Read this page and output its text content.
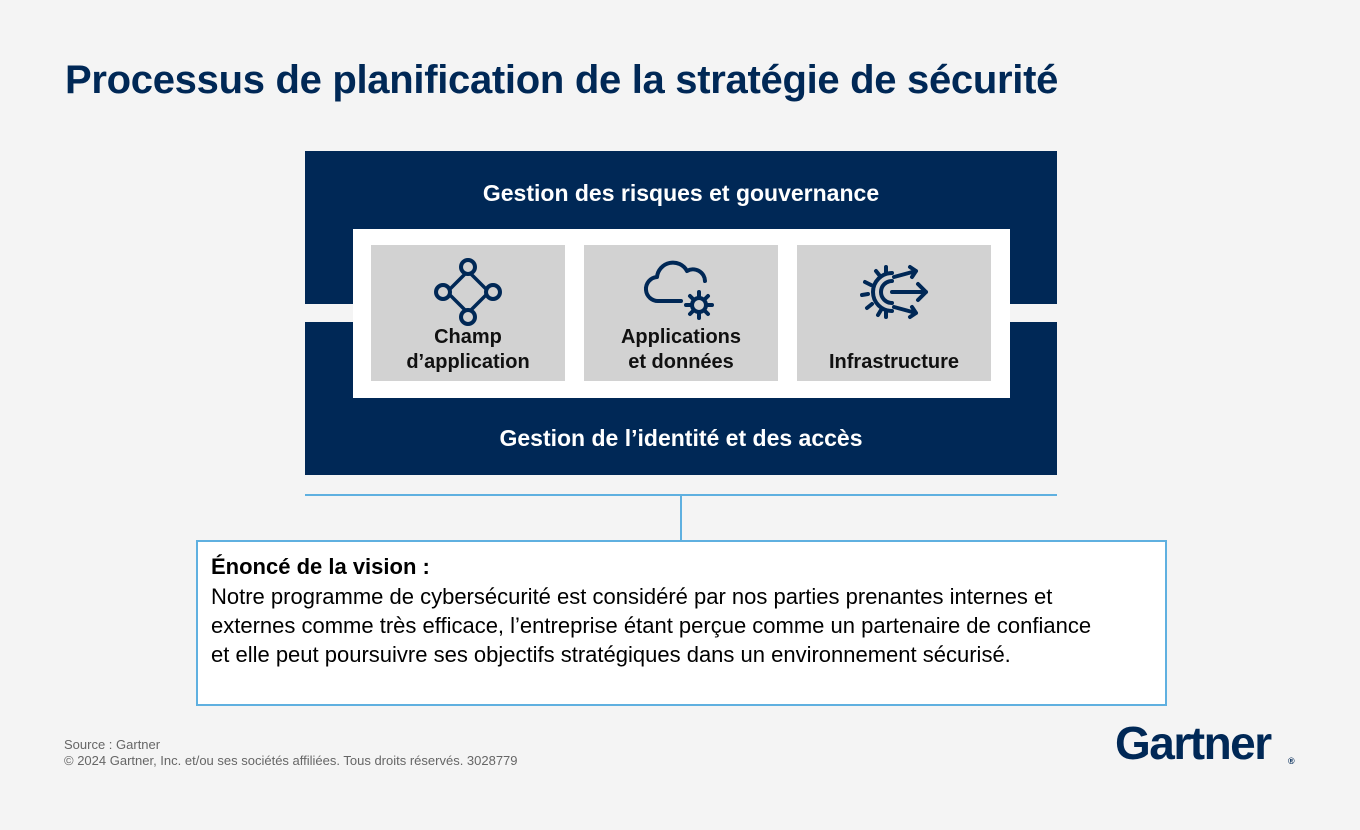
Processus de planification de la stratégie de sécurité
Gestion des risques et gouvernance
Gestion de l’identité et des accès
Champ
d’application
Applications
et données	Infrastructure
Énoncé de la vision :
Notre programme de cybersécurité est considéré par nos parties prenantes internes et externes comme très efficace, l’entreprise étant perçue comme un partenaire de confiance et elle peut poursuivre ses objectifs stratégiques dans un environnement sécurisé.
Source : Gartner
© 2024 Gartner, Inc. et/ou ses sociétés affiliées. Tous droits réservés. 3028779	Gartner ®
